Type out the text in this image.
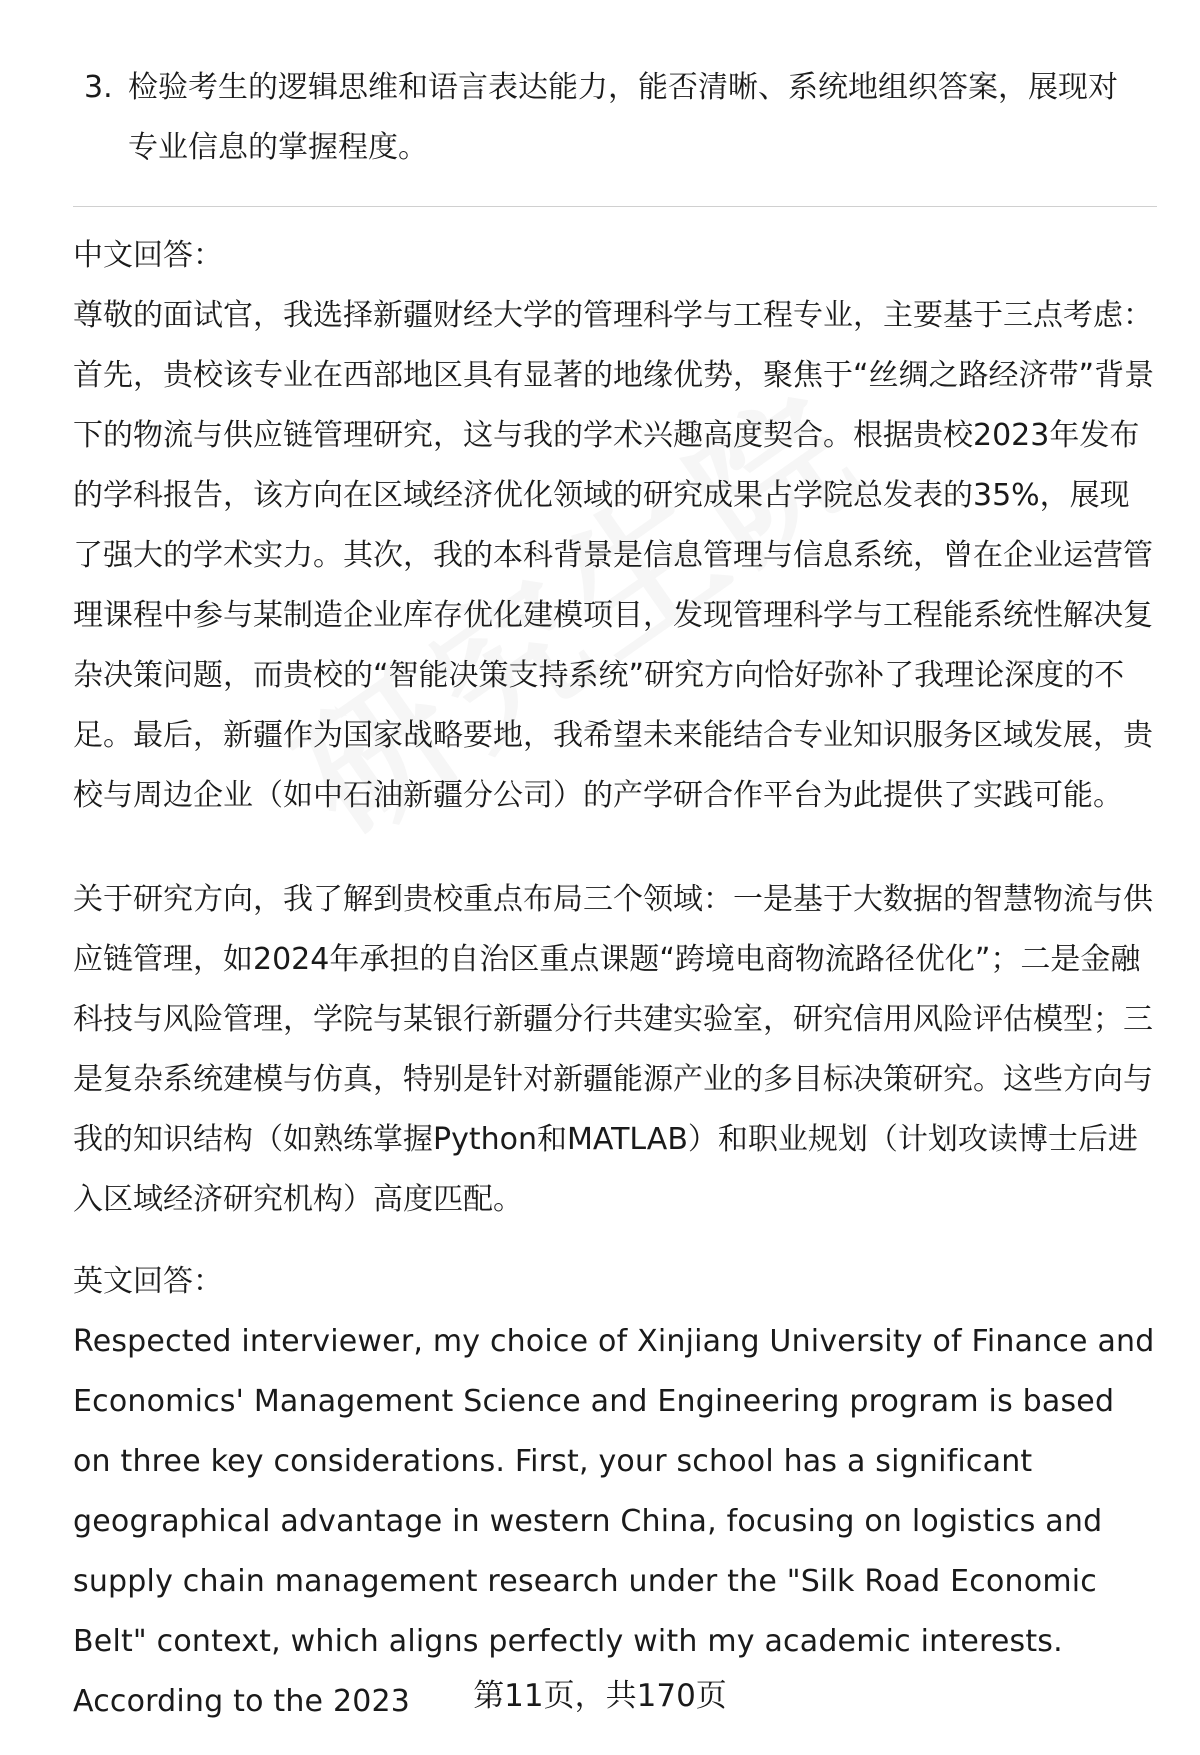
3. 检验考生的逻辑思维和语言表达能力，能否清晰、系统地组织答案，展现对专业信息的掌握程度。

中文回答：

尊敬的面试官，我选择新疆财经大学的管理科学与工程专业，主要基于三点考虑：首先，贵校该专业在西部地区具有显著的地缘优势，聚焦于“丝绸之路经济带”背景下的物流与供应链管理研究，这与我的学术兴趣高度契合。根据贵校2023年发布的学科报告，该方向在区域经济优化领域的研究成果占学院总发表的35%，展现了强大的学术实力。其次，我的本科背景是信息管理与信息系统，曾在企业运营管理课程中参与某制造企业库存优化建模项目，发现管理科学与工程能系统性解决复杂决策问题，而贵校的“智能决策支持系统”研究方向恰好弥补了我理论深度的不足。最后，新疆作为国家战略要地，我希望未来能结合专业知识服务区域发展，贵校与周边企业（如中石油新疆分公司）的产学研合作平台为此提供了实践可能。

关于研究方向，我了解到贵校重点布局三个领域：一是基于大数据的智慧物流与供应链管理，如2024年承担的自治区重点课题“跨境电商物流路径优化”；二是金融科技与风险管理，学院与某银行新疆分行共建实验室，研究信用风险评估模型；三是复杂系统建模与仿真，特别是针对新疆能源产业的多目标决策研究。这些方向与我的知识结构（如熟练掌握Python和MATLAB）和职业规划（计划攻读博士后进入区域经济研究机构）高度匹配。

英文回答：

Respected interviewer, my choice of Xinjiang University of Finance and Economics' Management Science and Engineering program is based on three key considerations. First, your school has a significant geographical advantage in western China, focusing on logistics and supply chain management research under the "Silk Road Economic Belt" context, which aligns perfectly with my academic interests. According to the 2023	第11页，共170页
